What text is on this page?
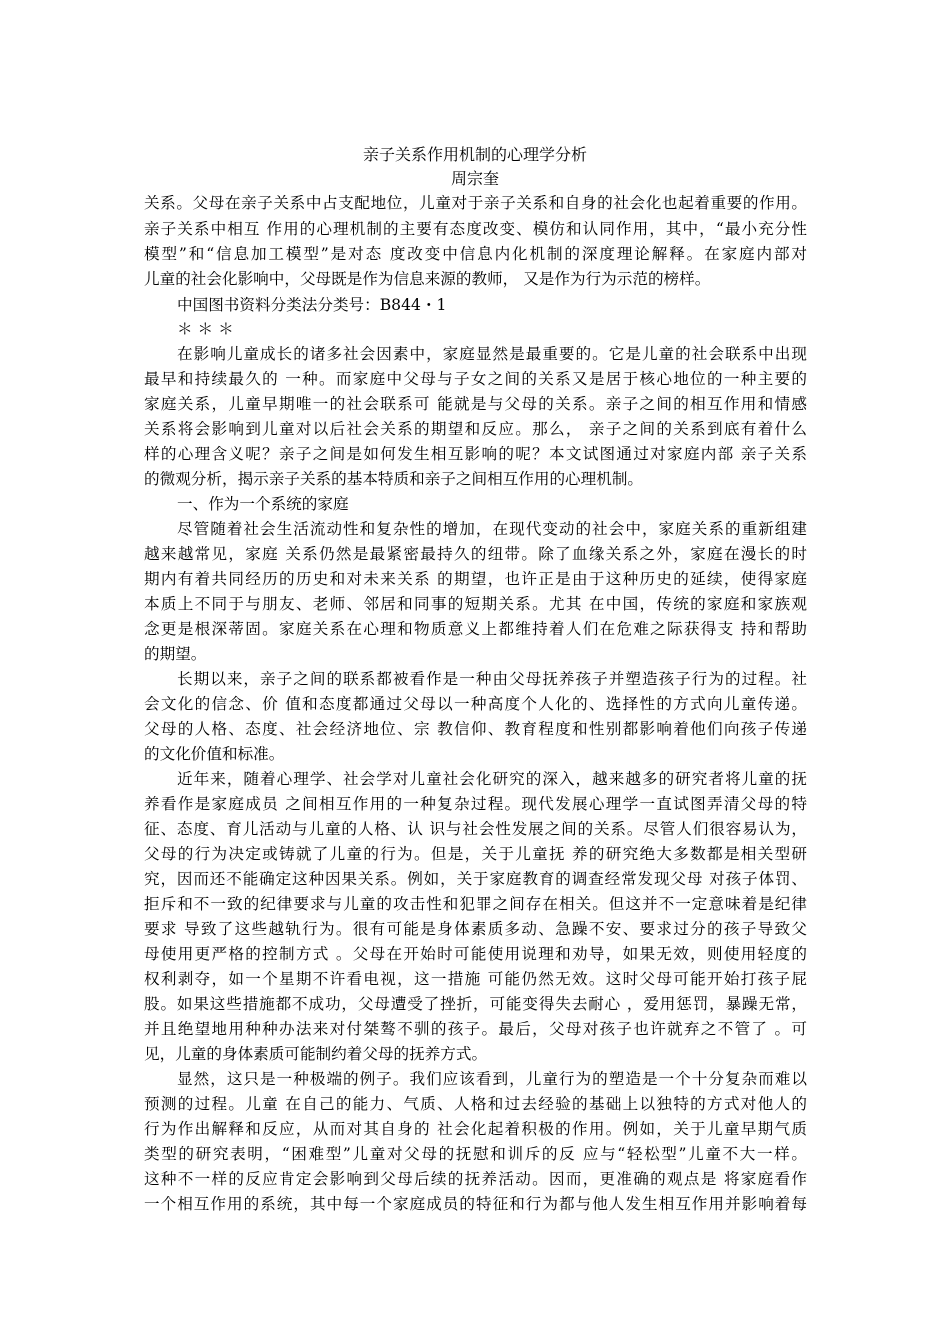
亲子关系作用机制的心理学分析
周宗奎
关系。父母在亲子关系中占支配地位，儿童对于亲子关系和自身的社会化也起着重要的作用。
亲子关系中相互 作用的心理机制的主要有态度改变、模仿和认同作用，其中，“最小充分性
模型”和“信息加工模型”是对态 度改变中信息内化机制的深度理论解释。在家庭内部对
儿童的社会化影响中，父母既是作为信息来源的教师， 又是作为行为示范的榜样。
中国图书资料分类法分类号：B844・1
＊ ＊ ＊
在影响儿童成长的诸多社会因素中，家庭显然是最重要的。它是儿童的社会联系中出现
最早和持续最久的 一种。而家庭中父母与子女之间的关系又是居于核心地位的一种主要的
家庭关系，儿童早期唯一的社会联系可 能就是与父母的关系。亲子之间的相互作用和情感
关系将会影响到儿童对以后社会关系的期望和反应。那么， 亲子之间的关系到底有着什么
样的心理含义呢？亲子之间是如何发生相互影响的呢？本文试图通过对家庭内部 亲子关系
的微观分析，揭示亲子关系的基本特质和亲子之间相互作用的心理机制。
一、作为一个系统的家庭
尽管随着社会生活流动性和复杂性的增加，在现代变动的社会中，家庭关系的重新组建
越来越常见，家庭 关系仍然是最紧密最持久的纽带。除了血缘关系之外，家庭在漫长的时
期内有着共同经历的历史和对未来关系 的期望，也许正是由于这种历史的延续，使得家庭
本质上不同于与朋友、老师、邻居和同事的短期关系。尤其 在中国，传统的家庭和家族观
念更是根深蒂固。家庭关系在心理和物质意义上都维持着人们在危难之际获得支 持和帮助
的期望。
长期以来，亲子之间的联系都被看作是一种由父母抚养孩子并塑造孩子行为的过程。社
会文化的信念、价 值和态度都通过父母以一种高度个人化的、选择性的方式向儿童传递。
父母的人格、态度、社会经济地位、宗 教信仰、教育程度和性别都影响着他们向孩子传递
的文化价值和标准。
近年来，随着心理学、社会学对儿童社会化研究的深入，越来越多的研究者将儿童的抚
养看作是家庭成员 之间相互作用的一种复杂过程。现代发展心理学一直试图弄清父母的特
征、态度、育儿活动与儿童的人格、认 识与社会性发展之间的关系。尽管人们很容易认为，
父母的行为决定或铸就了儿童的行为。但是，关于儿童抚 养的研究绝大多数都是相关型研
究，因而还不能确定这种因果关系。例如，关于家庭教育的调查经常发现父母 对孩子体罚、
拒斥和不一致的纪律要求与儿童的攻击性和犯罪之间存在相关。但这并不一定意味着是纪律
要求 导致了这些越轨行为。很有可能是身体素质多动、急躁不安、要求过分的孩子导致父
母使用更严格的控制方式 。父母在开始时可能使用说理和劝导，如果无效，则使用轻度的
权利剥夺，如一个星期不许看电视，这一措施 可能仍然无效。这时父母可能开始打孩子屁
股。如果这些措施都不成功，父母遭受了挫折，可能变得失去耐心 ，爱用惩罚，暴躁无常，
并且绝望地用种种办法来对付桀骜不驯的孩子。最后，父母对孩子也许就弃之不管了 。可
见，儿童的身体素质可能制约着父母的抚养方式。
显然，这只是一种极端的例子。我们应该看到，儿童行为的塑造是一个十分复杂而难以
预测的过程。儿童 在自己的能力、气质、人格和过去经验的基础上以独特的方式对他人的
行为作出解释和反应，从而对其自身的 社会化起着积极的作用。例如，关于儿童早期气质
类型的研究表明，“困难型”儿童对父母的抚慰和训斥的反 应与“轻松型”儿童不大一样。
这种不一样的反应肯定会影响到父母后续的抚养活动。因而，更准确的观点是 将家庭看作
一个相互作用的系统，其中每一个家庭成员的特征和行为都与他人发生相互作用并影响着每
